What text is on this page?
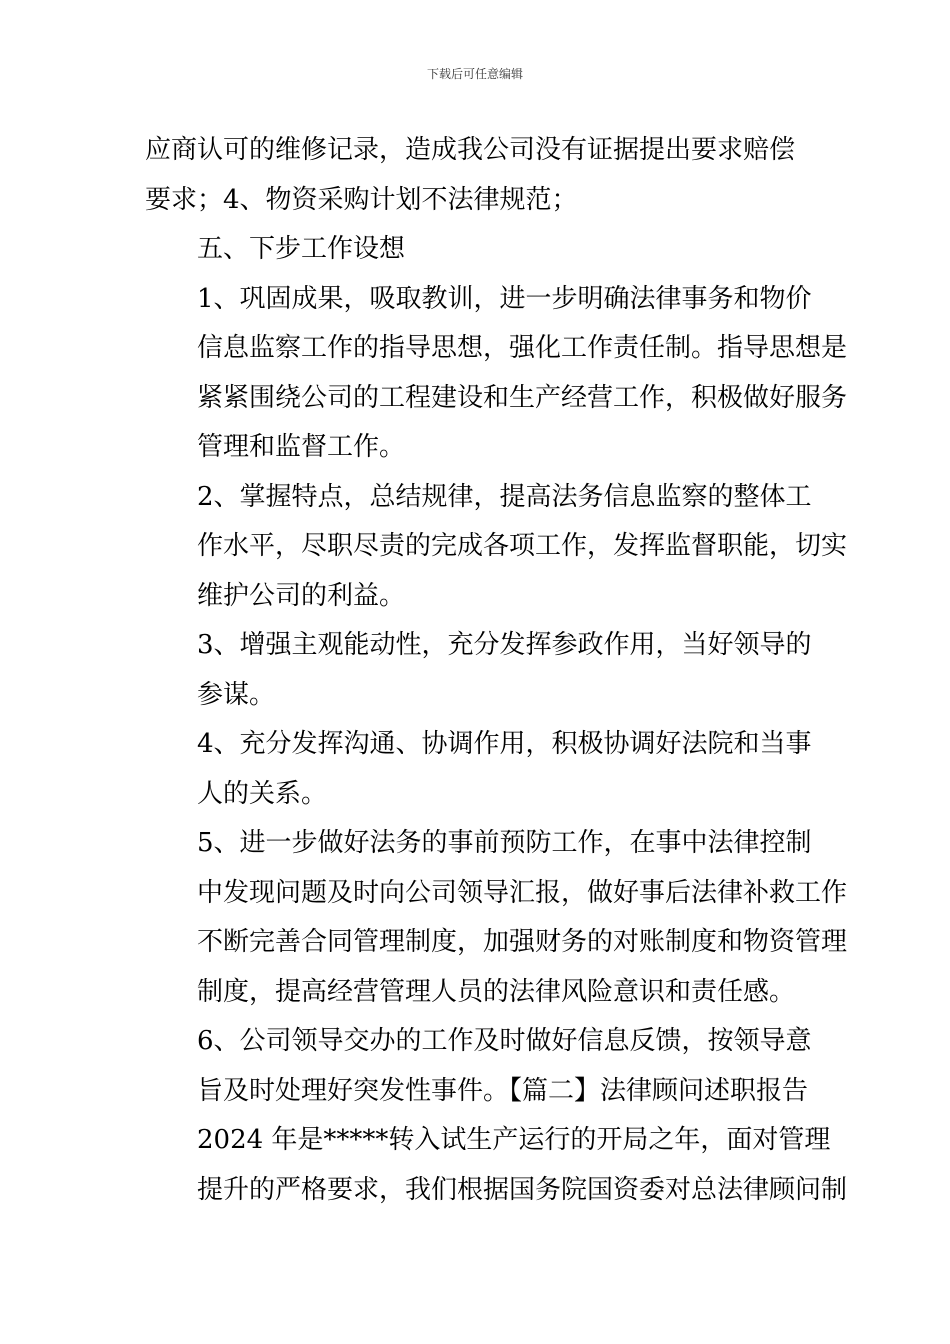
下载后可任意编辑

应商认可的维修记录，造成我公司没有证据提出要求赔偿
要求；4、物资采购计划不法律规范；

五、下步工作设想

1、巩固成果，吸取教训，进一步明确法律事务和物价
信息监察工作的指导思想，强化工作责任制。指导思想是
紧紧围绕公司的工程建设和生产经营工作，积极做好服务
管理和监督工作。

2、掌握特点，总结规律，提高法务信息监察的整体工
作水平，尽职尽责的完成各项工作，发挥监督职能，切实
维护公司的利益。

3、增强主观能动性，充分发挥参政作用，当好领导的
参谋。

4、充分发挥沟通、协调作用，积极协调好法院和当事
人的关系。

5、进一步做好法务的事前预防工作，在事中法律控制
中发现问题及时向公司领导汇报，做好事后法律补救工作
不断完善合同管理制度，加强财务的对账制度和物资管理
制度，提高经营管理人员的法律风险意识和责任感。

6、公司领导交办的工作及时做好信息反馈，按领导意
旨及时处理好突发性事件。【篇二】法律顾问述职报告

2024 年是*****转入试生产运行的开局之年，面对管理
提升的严格要求，我们根据国务院国资委对总法律顾问制
